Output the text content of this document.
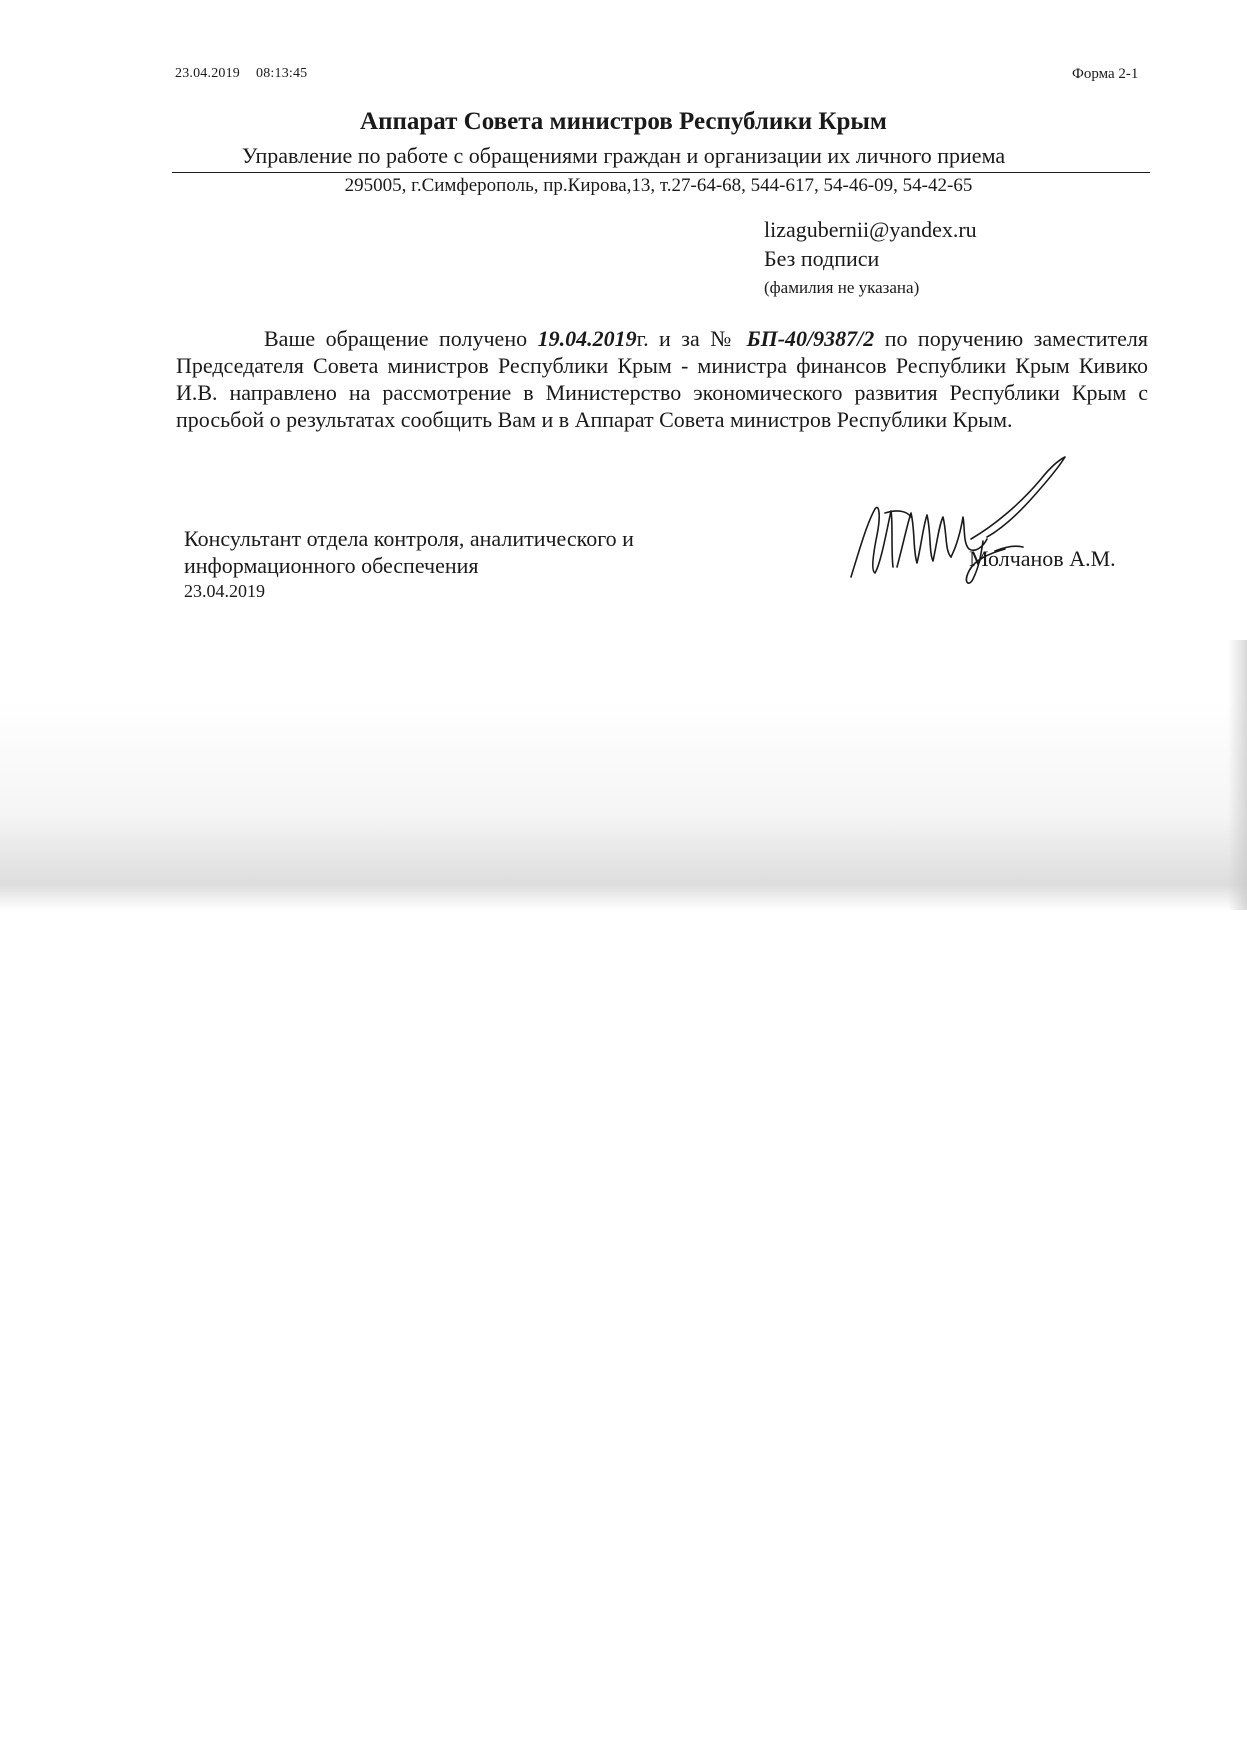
23.04.2019 08:13:45	Форма 2-1
Аппарат Совета министров Республики Крым
Управление по работе с обращениями граждан и организации их личного приема
295005, г.Симферополь, пр.Кирова,13, т.27-64-68, 544-617, 54-46-09, 54-42-65
lizagubernii@yandex.ru
Без подписи
(фамилия не указана)

Ваше обращение получено 19.04.2019г. и за № БП-40/9387/2 по поручению заместителя Председателя Совета министров Республики Крым - министра финансов Республики Крым Кивико И.В. направлено на рассмотрение в Министерство экономического развития Республики Крым с просьбой о результатах сообщить Вам и в Аппарат Совета министров Республики Крым.

Консультант отдела контроля, аналитического и
информационного обеспечения
23.04.2019
Молчанов А.М.
